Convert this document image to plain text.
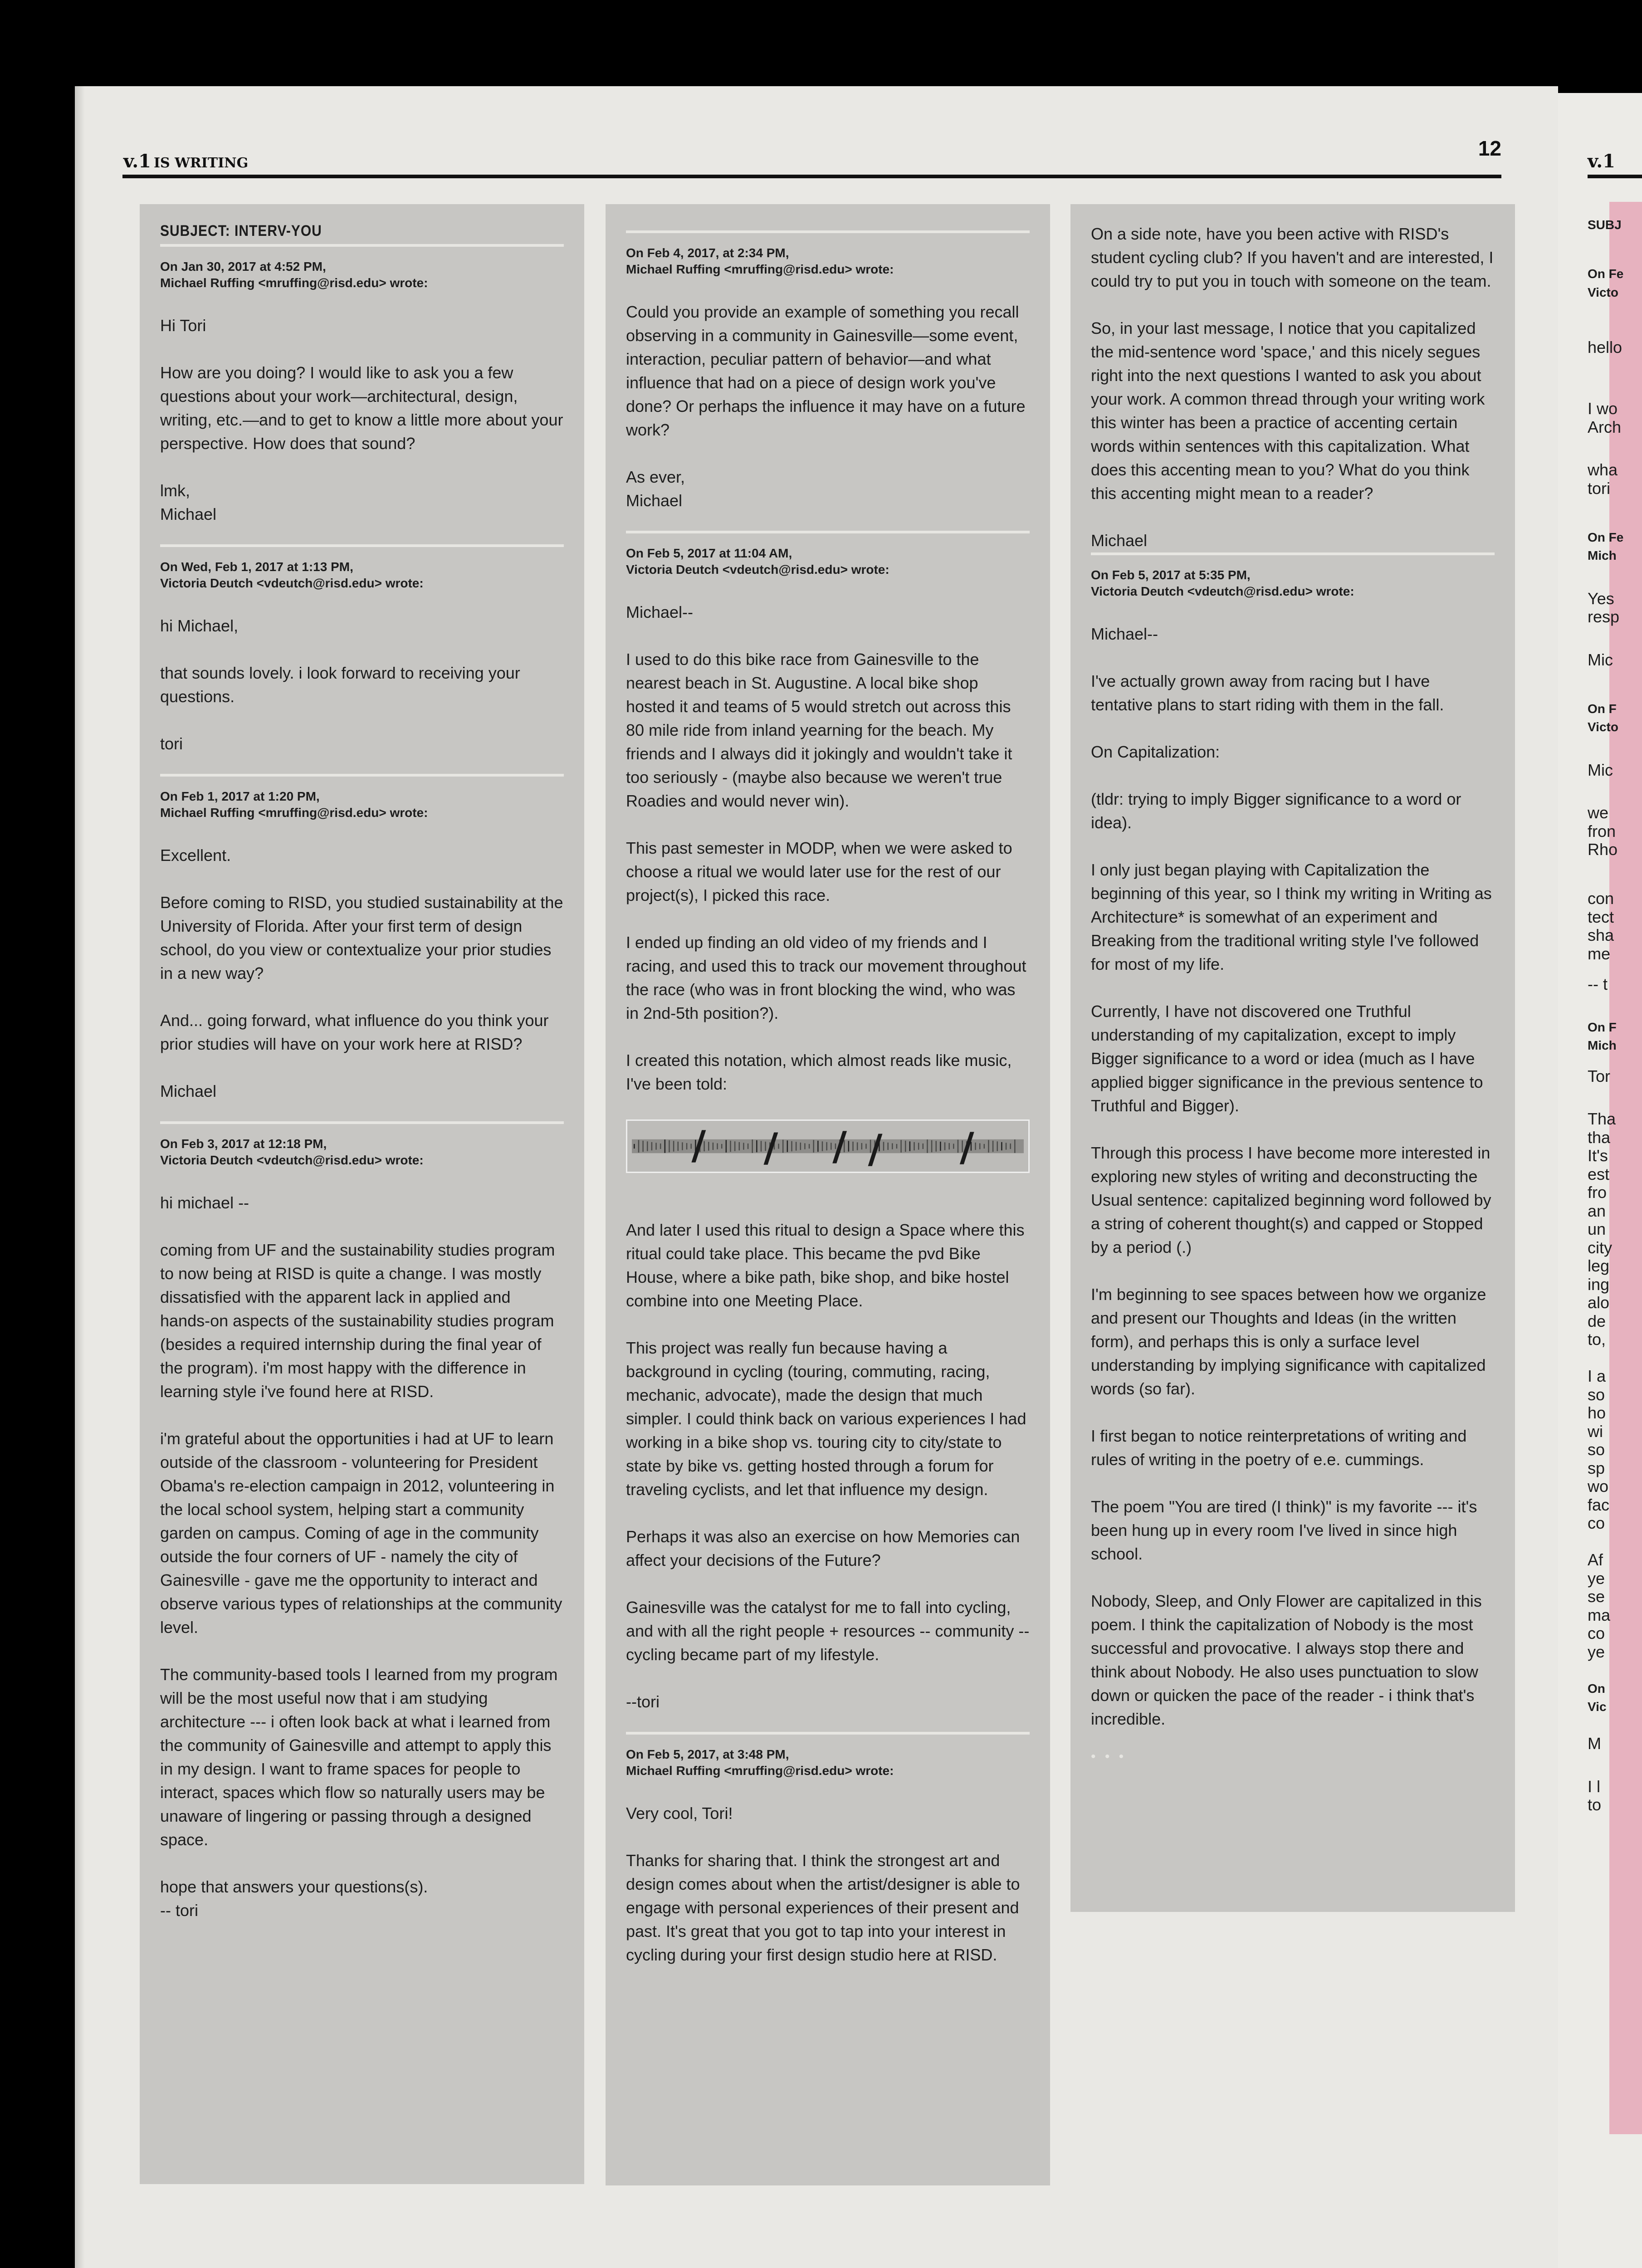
v.1 IS WRITING
12
v.1
SUBJECT: INTERV-YOU
On Jan 30, 2017 at 4:52 PM,
Michael Ruffing <mruffing@risd.edu> wrote:
Hi Tori
How are you doing? I would like to ask you a few questions about your work—architectural, design, writing, etc.—and to get to know a little more about your perspective. How does that sound?
lmk,
Michael
On Wed, Feb 1, 2017 at 1:13 PM,
Victoria Deutch <vdeutch@risd.edu> wrote:
hi Michael,
that sounds lovely. i look forward to receiving your questions.
tori
On Feb 1, 2017 at 1:20 PM,
Michael Ruffing <mruffing@risd.edu> wrote:
Excellent.
Before coming to RISD, you studied sustainability at the University of Florida. After your first term of design school, do you view or contextualize your prior studies in a new way?
And... going forward, what influence do you think your prior studies will have on your work here at RISD?
Michael
On Feb 3, 2017 at 12:18 PM,
Victoria Deutch <vdeutch@risd.edu> wrote:
hi michael --
coming from UF and the sustainability studies program to now being at RISD is quite a change. I was mostly dissatisfied with the apparent lack in applied and hands-on aspects of the sustainability studies program (besides a required internship during the final year of the program). i'm most happy with the difference in learning style i've found here at RISD.
i'm grateful about the opportunities i had at UF to learn outside of the classroom - volunteering for President Obama's re-election campaign in 2012, volunteering in the local school system, helping start a community garden on campus. Coming of age in the community outside the four corners of UF - namely the city of Gainesville - gave me the opportunity to interact and observe various types of relationships at the community level.
The community-based tools I learned from my program will be the most useful now that i am studying architecture --- i often look back at what i learned from the community of Gainesville and attempt to apply this in my design. I want to frame spaces for people to interact, spaces which flow so naturally users may be unaware of lingering or passing through a designed space.
hope that answers your questions(s).
-- tori
On Feb 4, 2017, at 2:34 PM,
Michael Ruffing <mruffing@risd.edu> wrote:
Could you provide an example of something you recall observing in a community in Gainesville—some event, interaction, peculiar pattern of behavior—and what influence that had on a piece of design work you've done? Or perhaps the influence it may have on a future work?
As ever,
Michael
On Feb 5, 2017 at 11:04 AM,
Victoria Deutch <vdeutch@risd.edu> wrote:
Michael--
I used to do this bike race from Gainesville to the nearest beach in St. Augustine. A local bike shop hosted it and teams of 5 would stretch out across this 80 mile ride from inland yearning for the beach. My friends and I always did it jokingly and wouldn't take it too seriously - (maybe also because we weren't true Roadies and would never win).
This past semester in MODP, when we were asked to choose a ritual we would later use for the rest of our project(s), I picked this race.
I ended up finding an old video of my friends and I racing, and used this to track our movement throughout the race (who was in front blocking the wind, who was in 2nd-5th position?).
I created this notation, which almost reads like music, I've been told:
And later I used this ritual to design a Space where this ritual could take place. This became the pvd Bike House, where a bike path, bike shop, and bike hostel combine into one Meeting Place.
This project was really fun because having a background in cycling (touring, commuting, racing, mechanic, advocate), made the design that much simpler. I could think back on various experiences I had working in a bike shop vs. touring city to city/state to state by bike vs. getting hosted through a forum for traveling cyclists, and let that influence my design.
Perhaps it was also an exercise on how Memories can affect your decisions of the Future?
Gainesville was the catalyst for me to fall into cycling, and with all the right people + resources -- community -- cycling became part of my lifestyle.
--tori
On Feb 5, 2017, at 3:48 PM,
Michael Ruffing <mruffing@risd.edu> wrote:
Very cool, Tori!
Thanks for sharing that. I think the strongest art and design comes about when the artist/designer is able to engage with personal experiences of their present and past. It's great that you got to tap into your interest in cycling during your first design studio here at RISD.
On a side note, have you been active with RISD's student cycling club? If you haven't and are interested, I could try to put you in touch with someone on the team.
So, in your last message, I notice that you capitalized the mid-sentence word 'space,' and this nicely segues right into the next questions I wanted to ask you about your work. A common thread through your writing work this winter has been a practice of accenting certain words within sentences with this capitalization. What does this accenting mean to you? What do you think this accenting might mean to a reader?
Michael
On Feb 5, 2017 at 5:35 PM,
Victoria Deutch <vdeutch@risd.edu> wrote:
Michael--
I've actually grown away from racing but I have tentative plans to start riding with them in the fall.
On Capitalization:
(tldr: trying to imply Bigger significance to a word or idea).
I only just began playing with Capitalization the beginning of this year, so I think my writing in Writing as Architecture* is somewhat of an experiment and Breaking from the traditional writing style I've followed for most of my life.
Currently, I have not discovered one Truthful understanding of my capitalization, except to imply Bigger significance to a word or idea (much as I have applied bigger significance in the previous sentence to Truthful and Bigger).
Through this process I have become more interested in exploring new styles of writing and deconstructing the Usual sentence: capitalized beginning word followed by a string of coherent thought(s) and capped or Stopped by a period (.)
I'm beginning to see spaces between how we organize and present our Thoughts and Ideas (in the written form), and perhaps this is only a surface level understanding by implying significance with capitalized words (so far).
I first began to notice reinterpretations of writing and rules of writing in the poetry of e.e. cummings.
The poem "You are tired (I think)" is my favorite --- it's been hung up in every room I've lived in since high school.
Nobody, Sleep, and Only Flower are capitalized in this poem. I think the capitalization of Nobody is the most successful and provocative. I always stop there and think about Nobody. He also uses punctuation to slow down or quicken the pace of the reader - i think that's incredible.
• • •
SUBJ
On Fe
Victo
hello
I wo
Arch
wha
tori
On Fe
Mich
Yes
resp
Mic
On F
Victo
Mic
we
fron
Rho
con
tect
sha
me
-- t
On F
Mich
Tor
Tha
tha
It's
est
fro
an
un
city
leg
ing
alo
de
to,
I a
so
ho
wi
so
sp
wo
fac
co
Af
ye
se
ma
co
ye
On
Vic
M
I l
to
